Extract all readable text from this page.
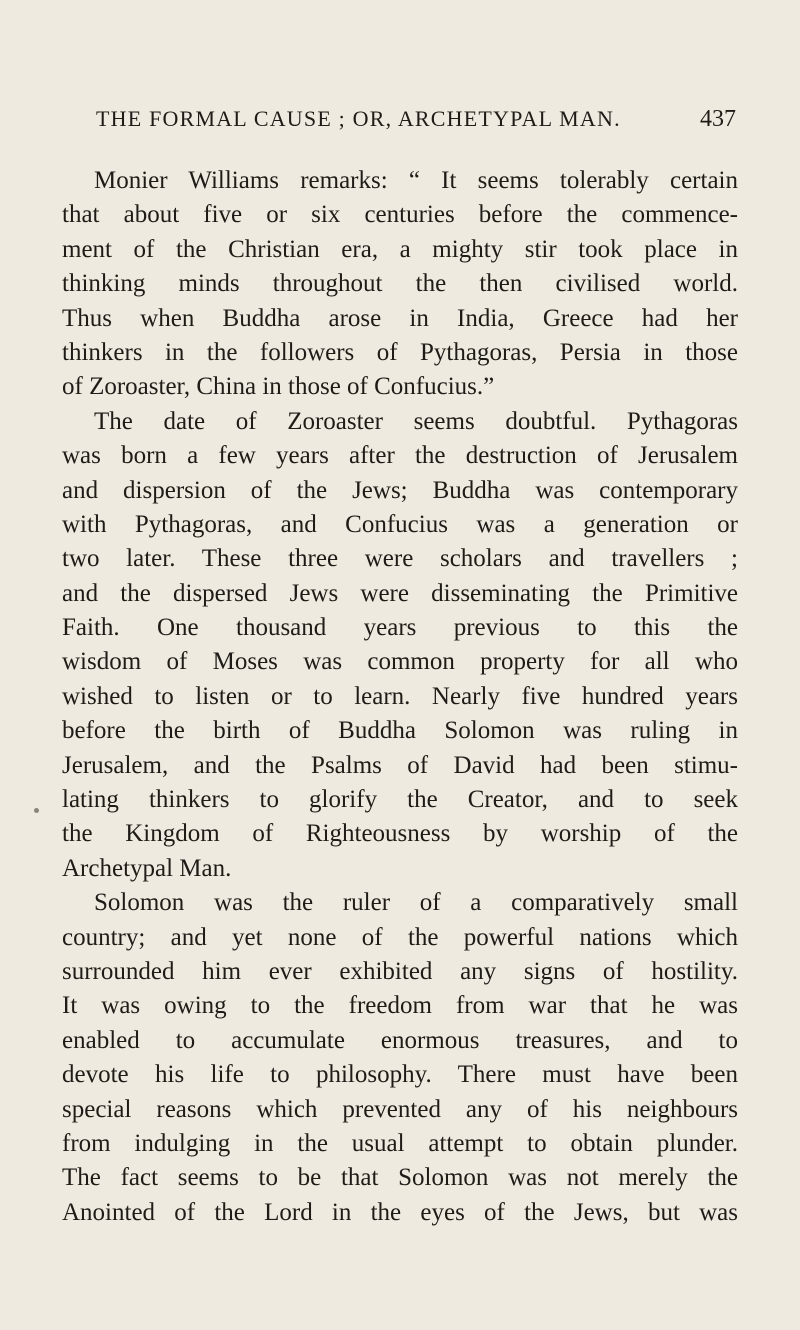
THE FORMAL CAUSE ; OR, ARCHETYPAL MAN.	437
Monier Williams remarks: “ It seems tolerably certain
that about five or six centuries before the commence-
ment of the Christian era, a mighty stir took place in
thinking minds throughout the then civilised world.
Thus when Buddha arose in India, Greece had her
thinkers in the followers of Pythagoras, Persia in those
of Zoroaster, China in those of Confucius.”
The date of Zoroaster seems doubtful. Pythagoras
was born a few years after the destruction of Jerusalem
and dispersion of the Jews; Buddha was contemporary
with Pythagoras, and Confucius was a generation or
two later. These three were scholars and travellers ;
and the dispersed Jews were disseminating the Primitive
Faith. One thousand years previous to this the
wisdom of Moses was common property for all who
wished to listen or to learn. Nearly five hundred years
before the birth of Buddha Solomon was ruling in
Jerusalem, and the Psalms of David had been stimu-
lating thinkers to glorify the Creator, and to seek
the Kingdom of Righteousness by worship of the
Archetypal Man.
Solomon was the ruler of a comparatively small
country; and yet none of the powerful nations which
surrounded him ever exhibited any signs of hostility.
It was owing to the freedom from war that he was
enabled to accumulate enormous treasures, and to
devote his life to philosophy. There must have been
special reasons which prevented any of his neighbours
from indulging in the usual attempt to obtain plunder.
The fact seems to be that Solomon was not merely the
Anointed of the Lord in the eyes of the Jews, but was
